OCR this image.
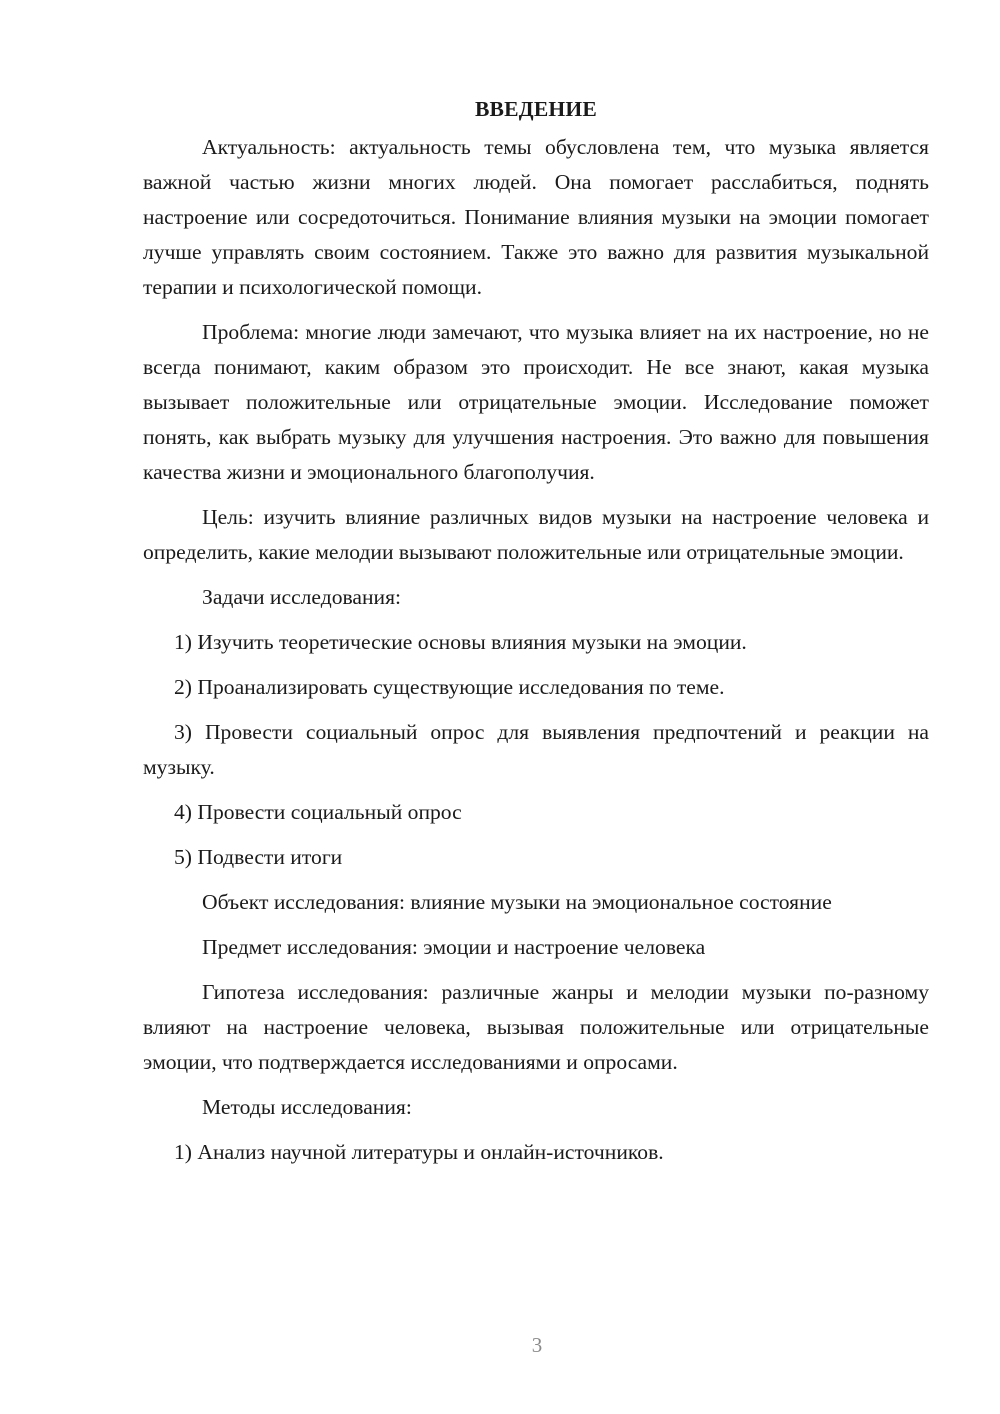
ВВЕДЕНИЕ

Актуальность: актуальность темы обусловлена тем, что музыка является важной частью жизни многих людей. Она помогает расслабиться, поднять настроение или сосредоточиться. Понимание влияния музыки на эмоции помогает лучше управлять своим состоянием. Также это важно для развития музыкальной терапии и психологической помощи.

Проблема: многие люди замечают, что музыка влияет на их настроение, но не всегда понимают, каким образом это происходит. Не все знают, какая музыка вызывает положительные или отрицательные эмоции. Исследование поможет понять, как выбрать музыку для улучшения настроения. Это важно для повышения качества жизни и эмоционального благополучия.

Цель: изучить влияние различных видов музыки на настроение человека и определить, какие мелодии вызывают положительные или отрицательные эмоции.

Задачи исследования:

1) Изучить теоретические основы влияния музыки на эмоции.

2) Проанализировать существующие исследования по теме.

3) Провести социальный опрос для выявления предпочтений и реакции на музыку.

4) Провести социальный опрос

5) Подвести итоги

Объект исследования: влияние музыки на эмоциональное состояние

Предмет исследования: эмоции и настроение человека

Гипотеза исследования: различные жанры и мелодии музыки по-разному влияют на настроение человека, вызывая положительные или отрицательные эмоции, что подтверждается исследованиями и опросами.

Методы исследования:

1) Анализ научной литературы и онлайн-источников.

3
